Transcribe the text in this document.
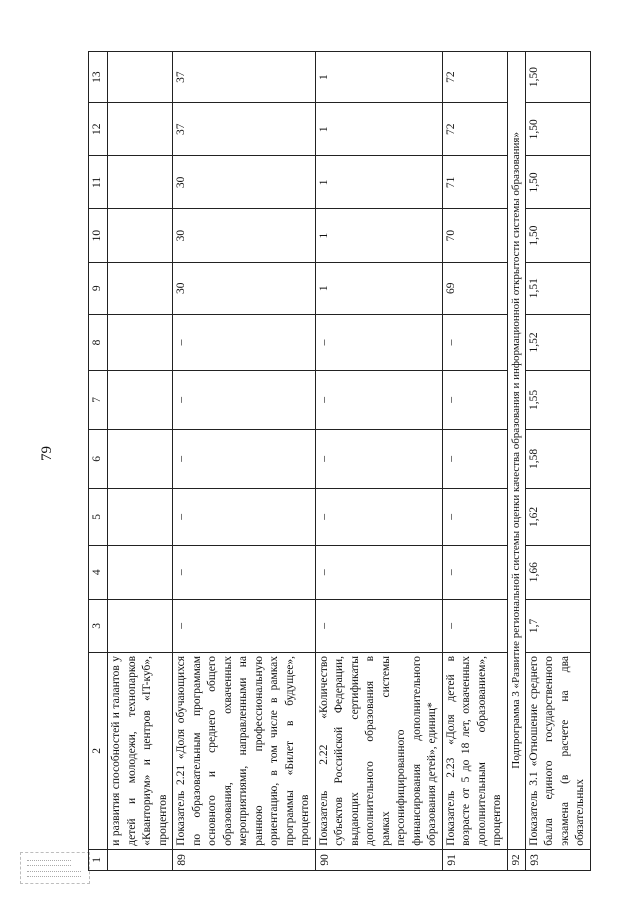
79
1	2	3	4	5	6	7	8	9	10	11	12	13
	и развития способностей и талантов у детей и молодежи, технопарков «Кванториум» и центров «IT-куб», процентов											
89	Показатель 2.21 «Доля обучающихся по образовательным программам основного и среднего общего образования, охваченных мероприятиями, направленными на раннюю профессиональную ориентацию, в том числе в рамках программы «Билет в будущее», процентов	–	–	–	–	–	–	30	30	30	37	37
90	Показатель 2.22 «Количество субъектов Российской Федерации, выдающих сертификаты дополнительного образования в рамках системы персонифицированного финансирования дополнительного образования детей», единиц*	–	–	–	–	–	–	1	1	1	1	1
91	Показатель 2.23 «Доля детей в возрасте от 5 до 18 лет, охваченных дополнительным образованием», процентов	–	–	–	–	–	–	69	70	71	72	72
92	Подпрограмма 3 «Развитие региональной системы оценки качества образования и информационной открытости системы образования»											
93	Показатель 3.1 «Отношение среднего балла единого государственного экзамена (в расчете на два обязательных	1,7	1,66	1,62	1,58	1,55	1,52	1,51	1,50	1,50	1,50	1,50
